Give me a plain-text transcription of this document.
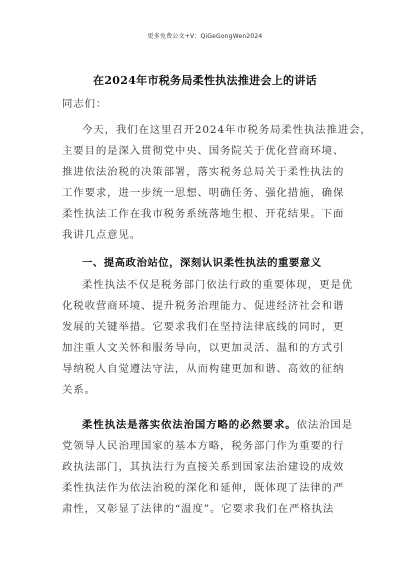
更多免费公文+V：QiGeGongWen2024
在2024年市税务局柔性执法推进会上的讲话
同志们：
今天，我们在这里召开2024年市税务局柔性执法推进会，
主要目的是深入贯彻党中央、国务院关于优化营商环境、
推进依法治税的决策部署，落实税务总局关于柔性执法的
工作要求，进一步统一思想、明确任务、强化措施，确保
柔性执法工作在我市税务系统落地生根、开花结果。下面
我讲几点意见。
一、提高政治站位，深刻认识柔性执法的重要意义
柔性执法不仅是税务部门依法行政的重要体现，更是优
化税收营商环境、提升税务治理能力、促进经济社会和谐
发展的关键举措。它要求我们在坚持法律底线的同时，更
加注重人文关怀和服务导向，以更加灵活、温和的方式引
导纳税人自觉遵法守法，从而构建更加和谐、高效的征纳
关系。
柔性执法是落实依法治国方略的必然要求。依法治国是
党领导人民治理国家的基本方略，税务部门作为重要的行
政执法部门，其执法行为直接关系到国家法治建设的成效
柔性执法作为依法治税的深化和延伸，既体现了法律的严
肃性，又彰显了法律的“温度”。它要求我们在严格执法
